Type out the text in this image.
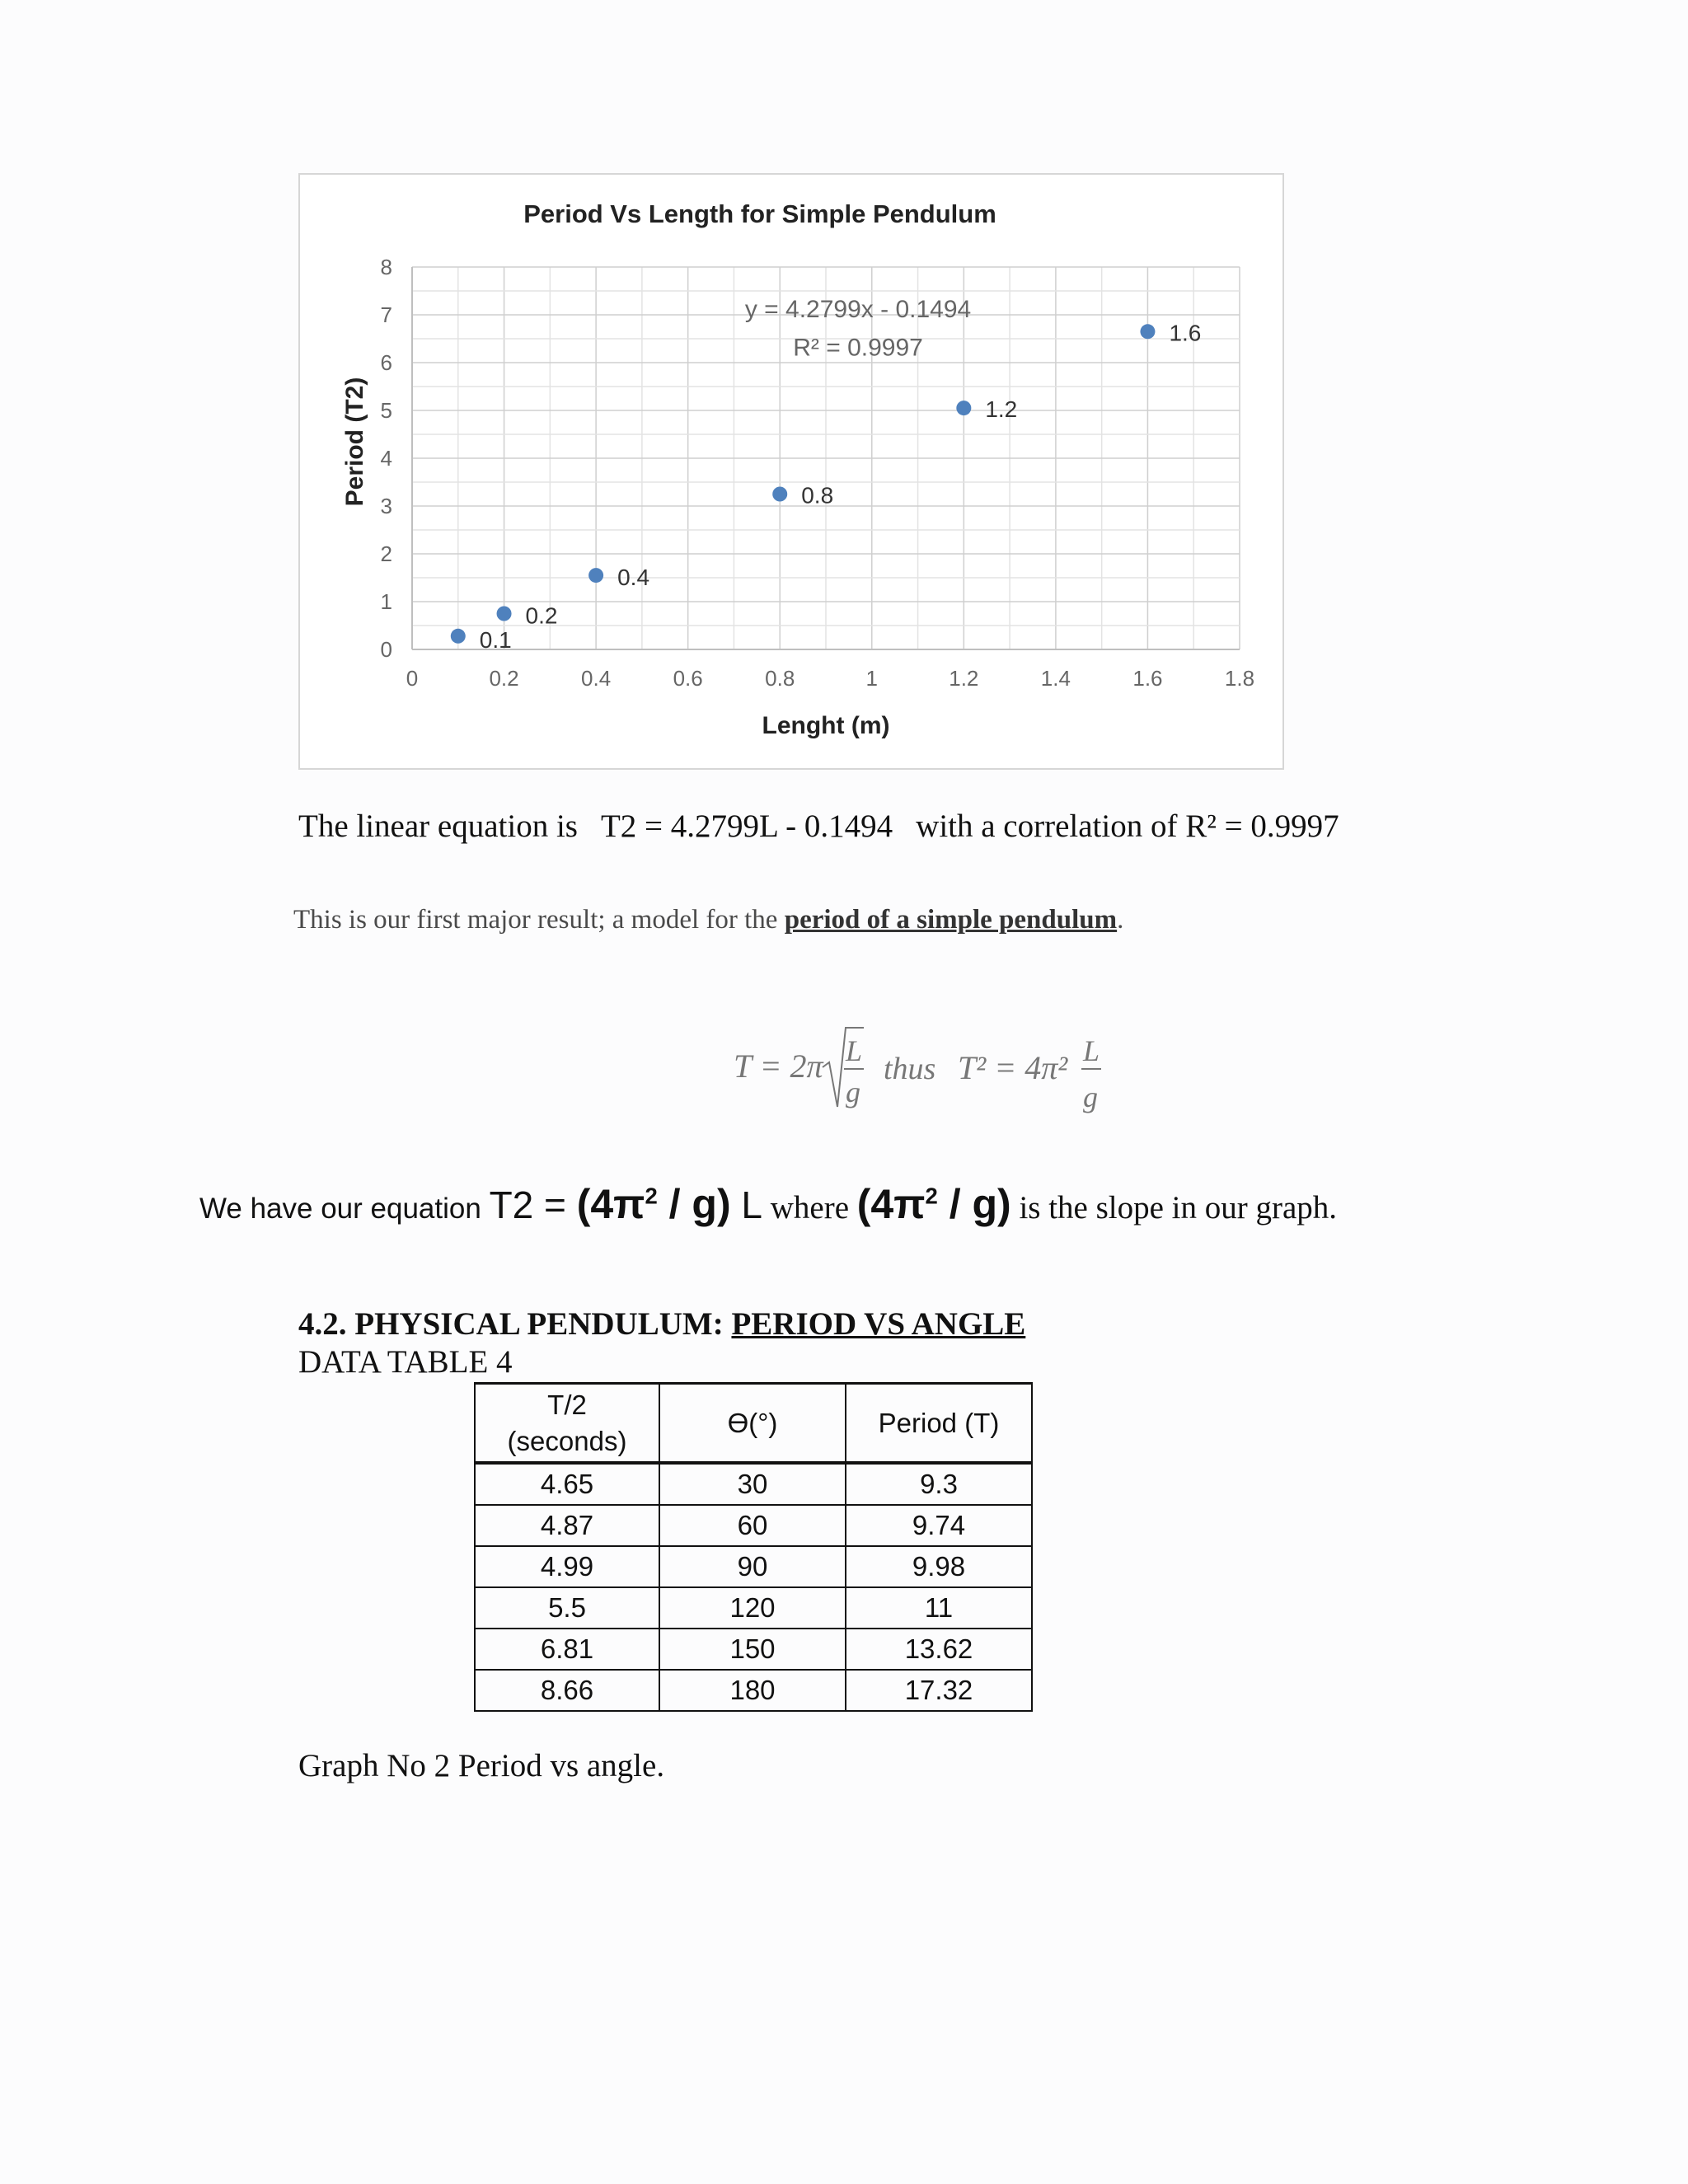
Period Vs Length for Simple Pendulum
0	0.2	0.4	0.6	0.8	1	1.2	1.4	1.6	1.8
0
1
2
3
4
5
6
7
8
Lenght (m)
Period (T2)
y = 4.2799x - 0.1494
R² = 0.9997
0.1
0.2
0.4
0.8
1.2
1.6
The linear equation is T2 = 4.2799L - 0.1494 with a correlation of R² = 0.9997
This is our first major result; a model for the period of a simple pendulum.
T = 2π L
g
thus T² = 4π² L
g
We have our equation $T2 = (4\pi^2 / g)$ L where $(4\pi^2 / g)$ is the slope in our graph.
4.2. PHYSICAL PENDULUM: PERIOD VS ANGLE
DATA TABLE 4
T/2
(seconds)	ϴ(°)	Period (T)
4.65	30	9.3
4.87	60	9.74
4.99	90	9.98
5.5	120	11
6.81	150	13.62
8.66	180	17.32
Graph No 2 Period vs angle.
